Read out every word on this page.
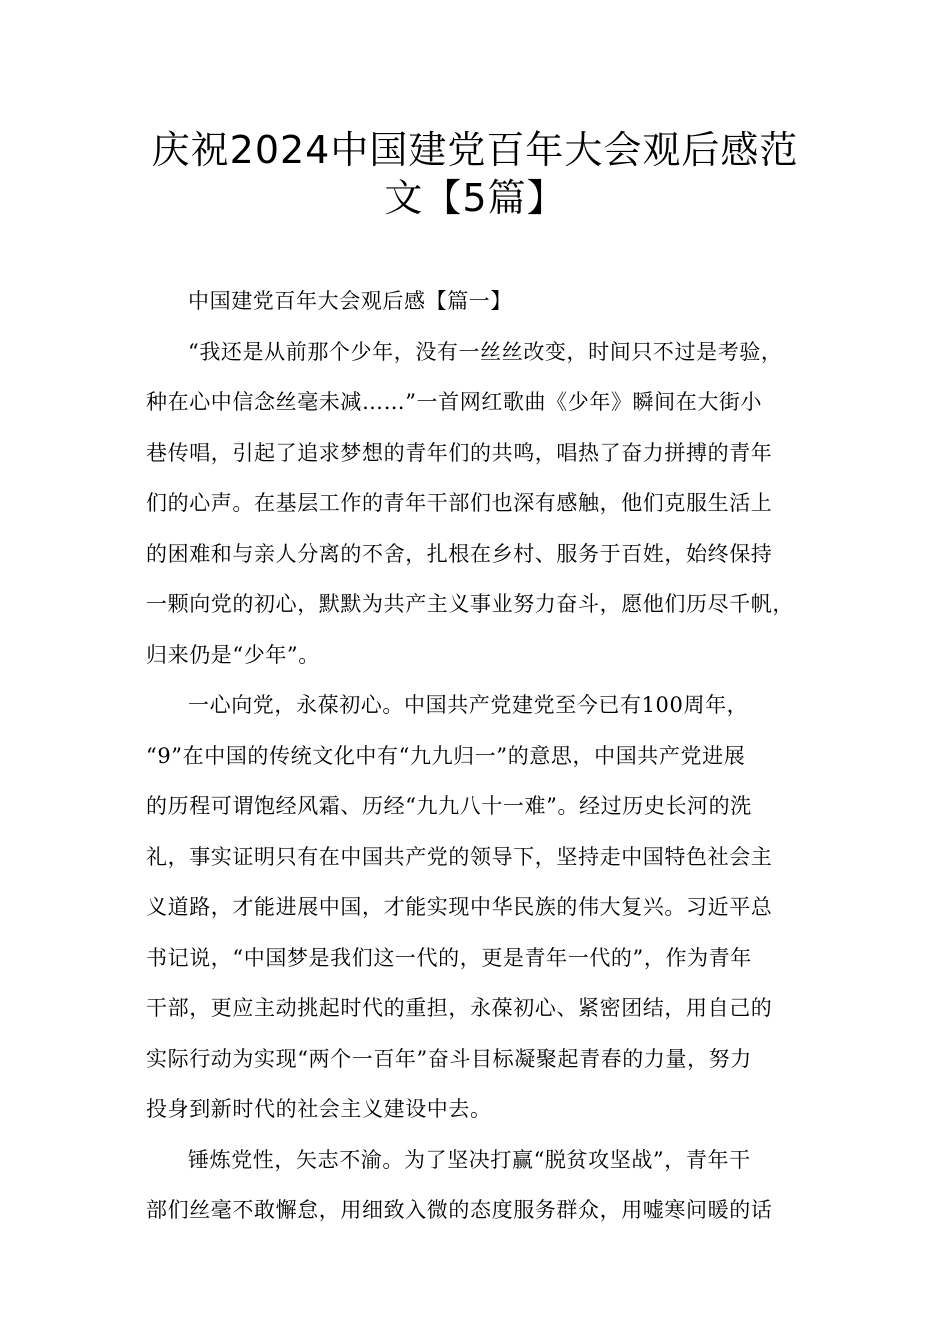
庆祝2024中国建党百年大会观后感范
文【5篇】
中国建党百年大会观后感【篇一】
“我还是从前那个少年，没有一丝丝改变，时间只不过是考验，
种在心中信念丝毫未减……”一首网红歌曲《少年》瞬间在大街小
巷传唱，引起了追求梦想的青年们的共鸣，唱热了奋力拼搏的青年
们的心声。在基层工作的青年干部们也深有感触，他们克服生活上
的困难和与亲人分离的不舍，扎根在乡村、服务于百姓，始终保持
一颗向党的初心，默默为共产主义事业努力奋斗，愿他们历尽千帆，
归来仍是“少年”。
一心向党，永葆初心。中国共产党建党至今已有100周年，
“9”在中国的传统文化中有“九九归一”的意思，中国共产党进展
的历程可谓饱经风霜、历经“九九八十一难”。经过历史长河的洗
礼，事实证明只有在中国共产党的领导下，坚持走中国特色社会主
义道路，才能进展中国，才能实现中华民族的伟大复兴。习近平总
书记说，“中国梦是我们这一代的，更是青年一代的”，作为青年
干部，更应主动挑起时代的重担，永葆初心、紧密团结，用自己的
实际行动为实现“两个一百年”奋斗目标凝聚起青春的力量，努力
投身到新时代的社会主义建设中去。
锤炼党性，矢志不渝。为了坚决打赢“脱贫攻坚战”，青年干
部们丝毫不敢懈怠，用细致入微的态度服务群众，用嘘寒问暖的话
